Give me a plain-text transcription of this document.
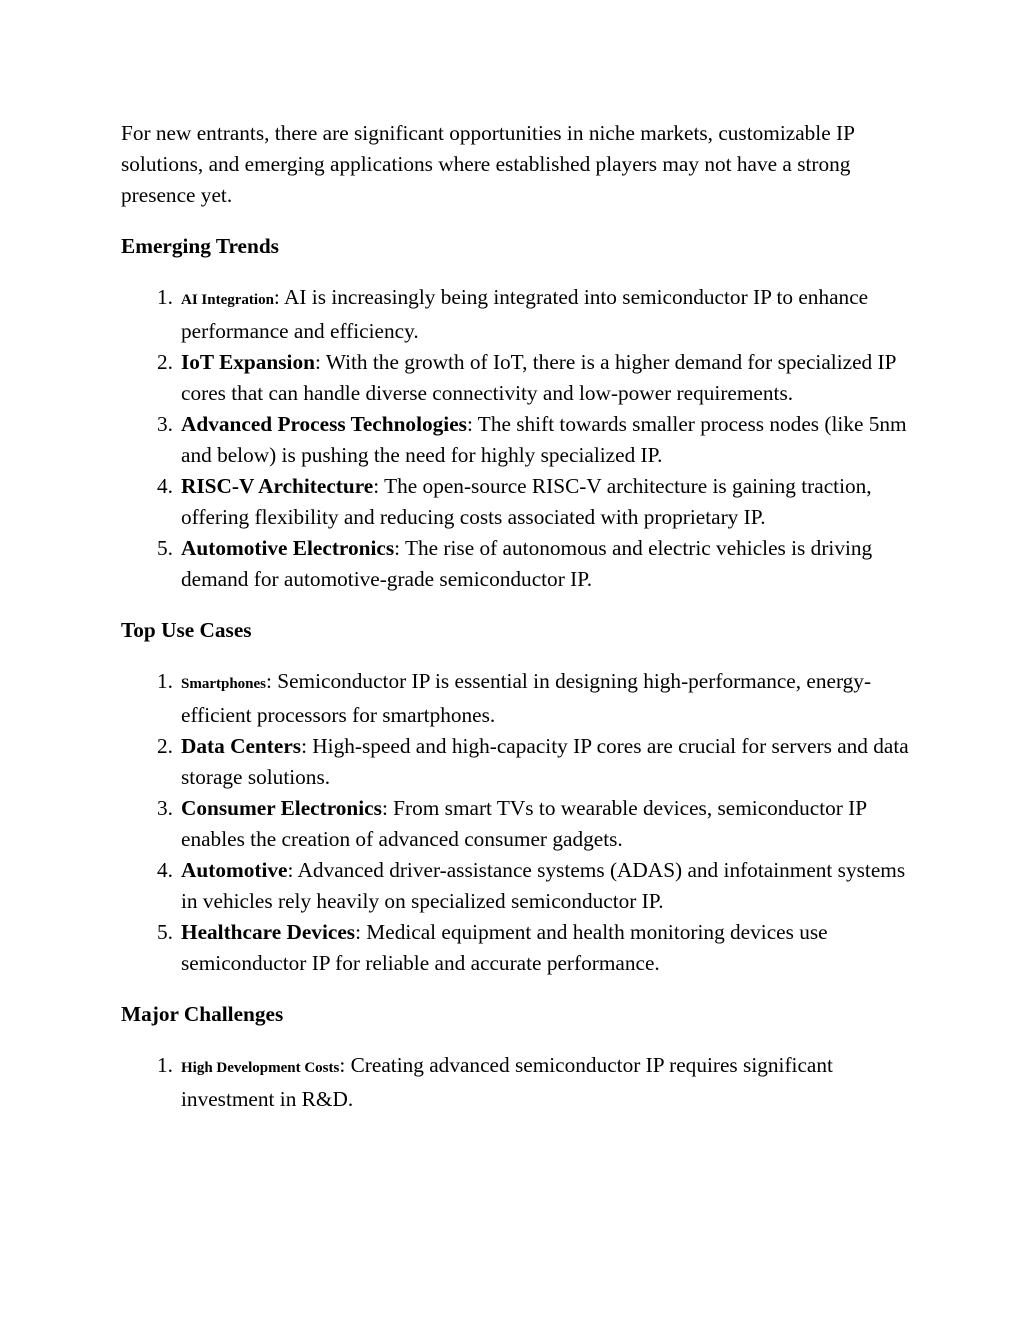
For new entrants, there are significant opportunities in niche markets, customizable IP solutions, and emerging applications where established players may not have a strong presence yet.

Emerging Trends
1. AI Integration: AI is increasingly being integrated into semiconductor IP to enhance performance and efficiency.
2. IoT Expansion: With the growth of IoT, there is a higher demand for specialized IP cores that can handle diverse connectivity and low-power requirements.
3. Advanced Process Technologies: The shift towards smaller process nodes (like 5nm and below) is pushing the need for highly specialized IP.
4. RISC-V Architecture: The open-source RISC-V architecture is gaining traction, offering flexibility and reducing costs associated with proprietary IP.
5. Automotive Electronics: The rise of autonomous and electric vehicles is driving demand for automotive-grade semiconductor IP.
Top Use Cases
1. Smartphones: Semiconductor IP is essential in designing high-performance, energy-efficient processors for smartphones.
2. Data Centers: High-speed and high-capacity IP cores are crucial for servers and data storage solutions.
3. Consumer Electronics: From smart TVs to wearable devices, semiconductor IP enables the creation of advanced consumer gadgets.
4. Automotive: Advanced driver-assistance systems (ADAS) and infotainment systems in vehicles rely heavily on specialized semiconductor IP.
5. Healthcare Devices: Medical equipment and health monitoring devices use semiconductor IP for reliable and accurate performance.
Major Challenges
1. High Development Costs: Creating advanced semiconductor IP requires significant investment in R&D.
